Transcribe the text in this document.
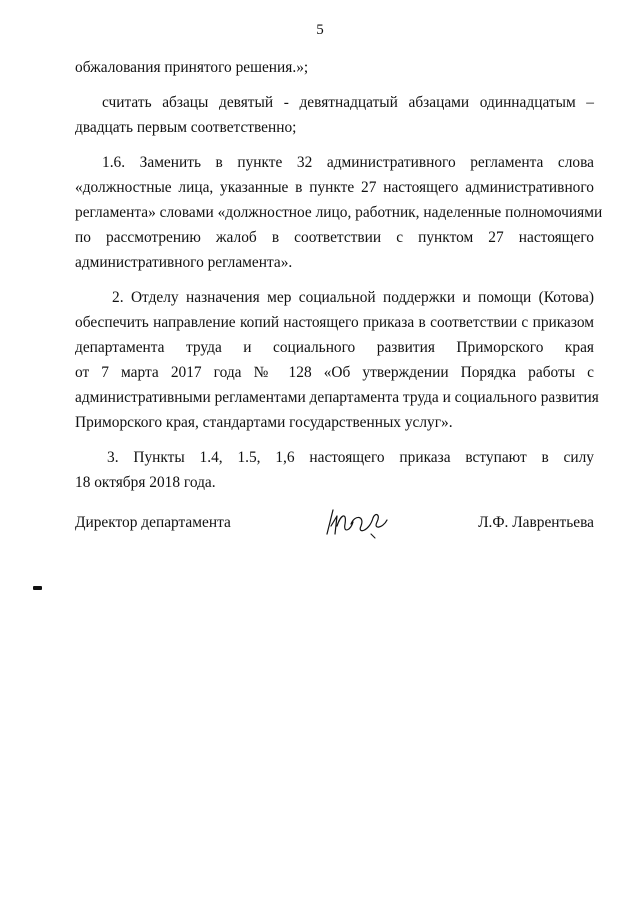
5
обжалования принятого решения.»;
считать абзацы девятый - девятнадцатый абзацами одиннадцатым –
двадцать первым соответственно;
1.6. Заменить в пункте 32 административного регламента слова
«должностные лица, указанные в пункте 27 настоящего административного
регламента» словами «должностное лицо, работник, наделенные полномочиями
по рассмотрению жалоб в соответствии с пунктом 27 настоящего
административного регламента».
2. Отделу назначения мер социальной поддержки и помощи (Котова)
обеспечить направление копий настоящего приказа в соответствии с приказом
департамента труда и социального развития Приморского края
от 7 марта 2017 года № 128 «Об утверждении Порядка работы с
административными регламентами департамента труда и социального развития
Приморского края, стандартами государственных услуг».
3. Пункты 1.4, 1.5, 1,6 настоящего приказа вступают в силу
18 октября 2018 года.
Директор департамента	Л.Ф. Лаврентьева
